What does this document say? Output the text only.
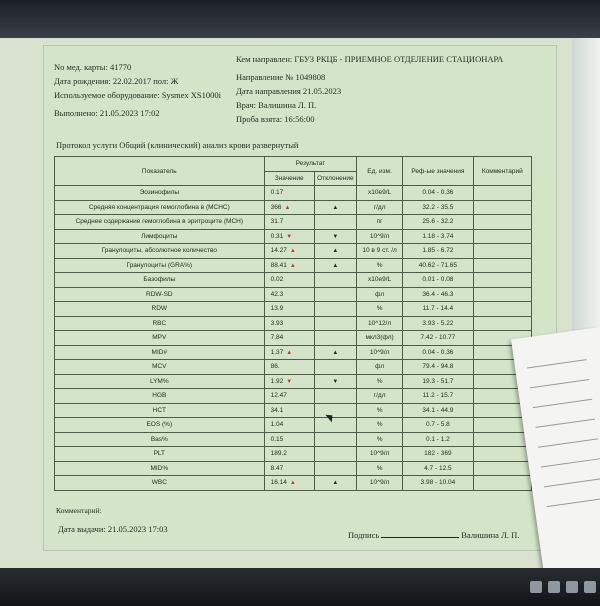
No мед. карты: 41770
Дата рождения: 22.02.2017 пол: Ж
Используемое оборудование: Sysmex XS1000i
Выполнено: 21.05.2023 17:02
Кем направлен: ГБУЗ РКЦБ - ПРИЕМНОЕ ОТДЕЛЕНИЕ СТАЦИОНАРА
Направление № 1049808
Дата направления 21.05.2023
Врач: Валишина Л. П.
Проба взята: 16:56:00
Протокол услуги Общий (клинический) анализ крови развернутый
Показатель	Результат		Ед. изм.	Реф-ые значения	Комментарий
	Значение	Отклонение			
Эозинофилы	0.17		x10e9/L	0.04 - 0.36	
Средняя концентрация гемоглобина в (MCHC)	366 ▲	▲	г/дл	32.2 - 35.5	
Среднее содержание гемоглобина в эритроците (MCH)	31.7		пг	25.6 - 32.2	
Лимфоциты	0.31 ▼	▼	10^9/л	1.18 - 3.74	
Гранулоциты, абсолютное количество	14.27 ▲	▲	10 в 9 ст. /л	1.85 - 6.72	
Гранулоциты (GRA%)	88.41 ▲	▲	%	40.62 - 71.65	
Базофилы	0.02		x10e9/L	0.01 - 0.08	
RDW-SD	42.3		фл	36.4 - 46.3	
RDW	13.9		%	11.7 - 14.4	
RBC	3.93		10^12/л	3.93 - 5.22	
MPV	7.84		мкл3(фл)	7.42 - 10.77	
MID#	1.37 ▲	▲	10^9/л	0.04 - 0.36	
MCV	86.		фл	79.4 - 94.8	
LYM%	1.92 ▼	▼	%	19.3 - 51.7	
HGB	12.47		г/дл	11.2 - 15.7	
HCT	34.1		%	34.1 - 44.9	
EOS (%)	1.04		%	0.7 - 5.8	
Bas%	0.15		%	0.1 - 1.2	
PLT	189.2		10^9/л	182 - 369	
MID%	8.47		%	4.7 - 12.5	
WBC	16.14 ▲	▲	10^9/л	3.98 - 10.04	
Комментарий:
Дата выдачи: 21.05.2023 17:03
Подпись	Валишина Л. П.
